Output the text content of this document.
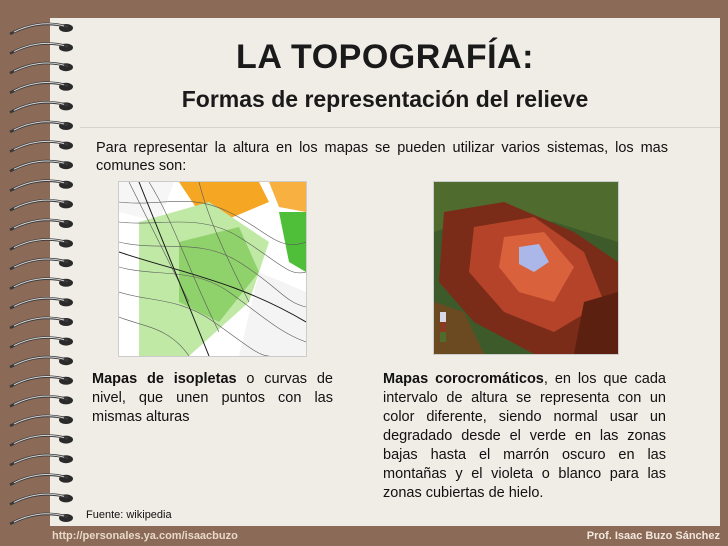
LA TOPOGRAFÍA:
Formas de representación del relieve
Para representar la altura en los mapas se pueden utilizar varios sistemas, los mas comunes son:
Mapas de isopletas o curvas de nivel, que unen puntos con las mismas alturas
Mapas corocromáticos, en los que cada intervalo de altura se representa con un color diferente, siendo normal usar un degradado desde el verde en las zonas bajas hasta el marrón oscuro en las montañas y el violeta o blanco para las zonas cubiertas de hielo.
Fuente: wikipedia
http://personales.ya.com/isaacbuzo	Prof. Isaac Buzo Sánchez
